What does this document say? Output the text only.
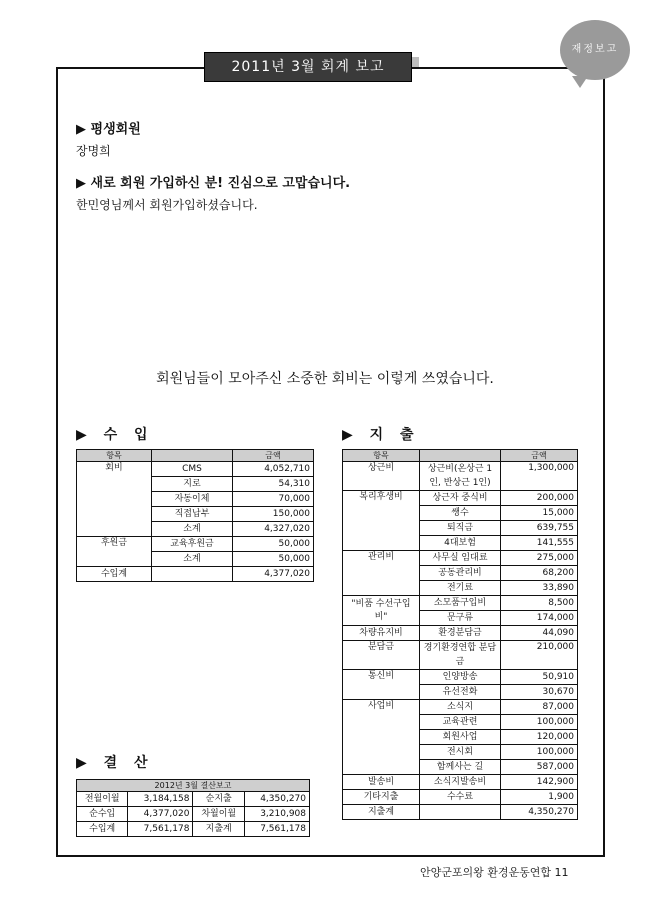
재정보고
2011년 3월 회계 보고
▶ 평생회원
장명희
▶ 새로 회원 가입하신 분! 진심으로 고맙습니다.
한민영님께서 회원가입하셨습니다.
회원님들이 모아주신 소중한 회비는 이렇게 쓰였습니다.
▶ 수 입	▶ 지 출
항목		금액
회비	CMS	4,052,710
	지로	54,310
	자동이체	70,000
	직접납부	150,000
	소계	4,327,020
후원금	교육후원금	50,000
	소계	50,000
수입계		4,377,020
항목		금액
상근비	상근비(온상근 1인, 반상근 1인)	1,300,000
복리후생비	상근자 중식비	200,000
	쌩수	15,000
	퇴직금	639,755
	4대보험	141,555
관리비	사무실 임대료	275,000
	공동관리비	68,200
	전기료	33,890
"비품 수선구입비"	소모품구입비	8,500
	문구류	174,000
차량유지비	환경분담금	44,090
분담금	경기환경연합 분담금	210,000
통신비	인양방송	50,910
	유선전화	30,670
사업비	소식지	87,000
	교육관련	100,000
	회원사업	120,000
	전시회	100,000
	함께사는 길	587,000
발송비	소식지발송비	142,900
기타지출	수수료	1,900
지출계		4,350,270
▶ 결 산
2012년 3월 결산보고			
전월이월	3,184,158	순지출	4,350,270
순수입	4,377,020	차월이월	3,210,908
수입계	7,561,178	지출계	7,561,178
안양군포의왕 환경운동연합 11
